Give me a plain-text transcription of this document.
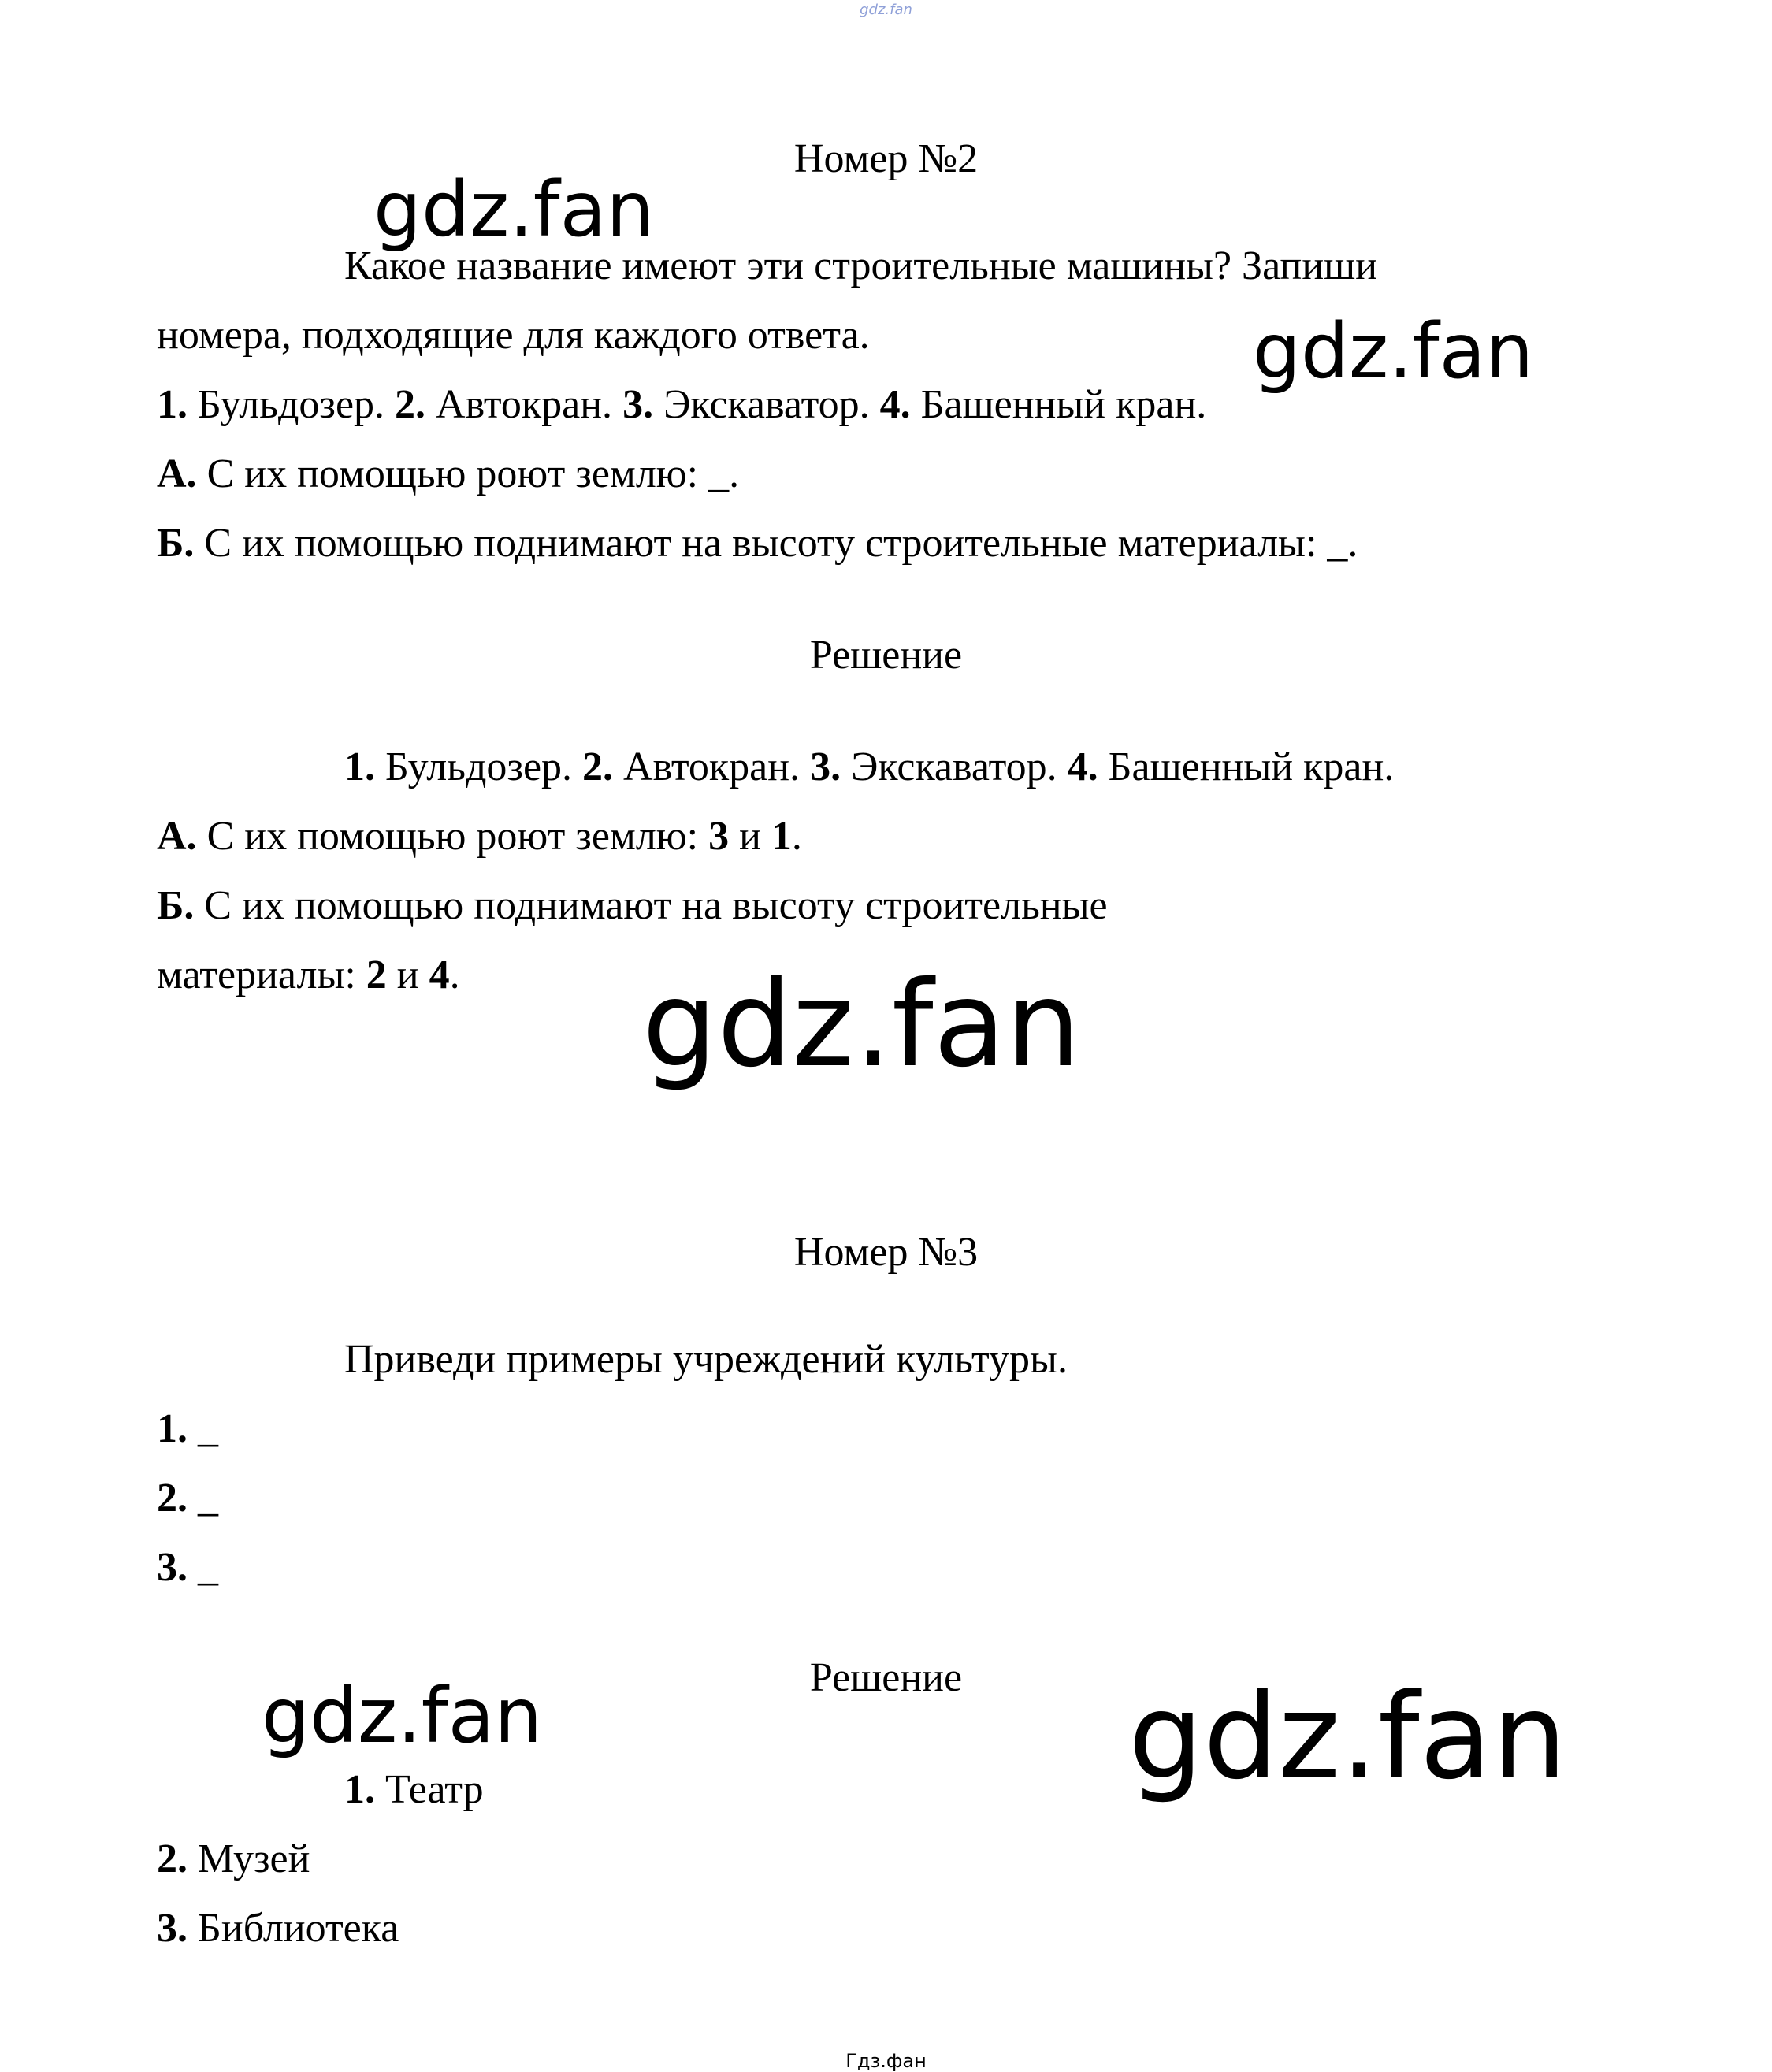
gdz.fan
Номер №2
Какое название имеют эти строительные машины? Запиши
номера, подходящие для каждого ответа.
1. Бульдозер. 2. Автокран. 3. Экскаватор. 4. Башенный кран.
А. С их помощью роют землю: _.
Б. С их помощью поднимают на высоту строительные материалы: _.
Решение
1. Бульдозер. 2. Автокран. 3. Экскаватор. 4. Башенный кран.
А. С их помощью роют землю: 3 и 1.
Б. С их помощью поднимают на высоту строительные
материалы: 2 и 4.
Номер №3
Приведи примеры учреждений культуры.
1. _
2. _
3. _
Решение
1. Театр
2. Музей
3. Библиотека
gdz.fan
gdz.fan
gdz.fan
gdz.fan	gdz.fan
Гдз.фан
